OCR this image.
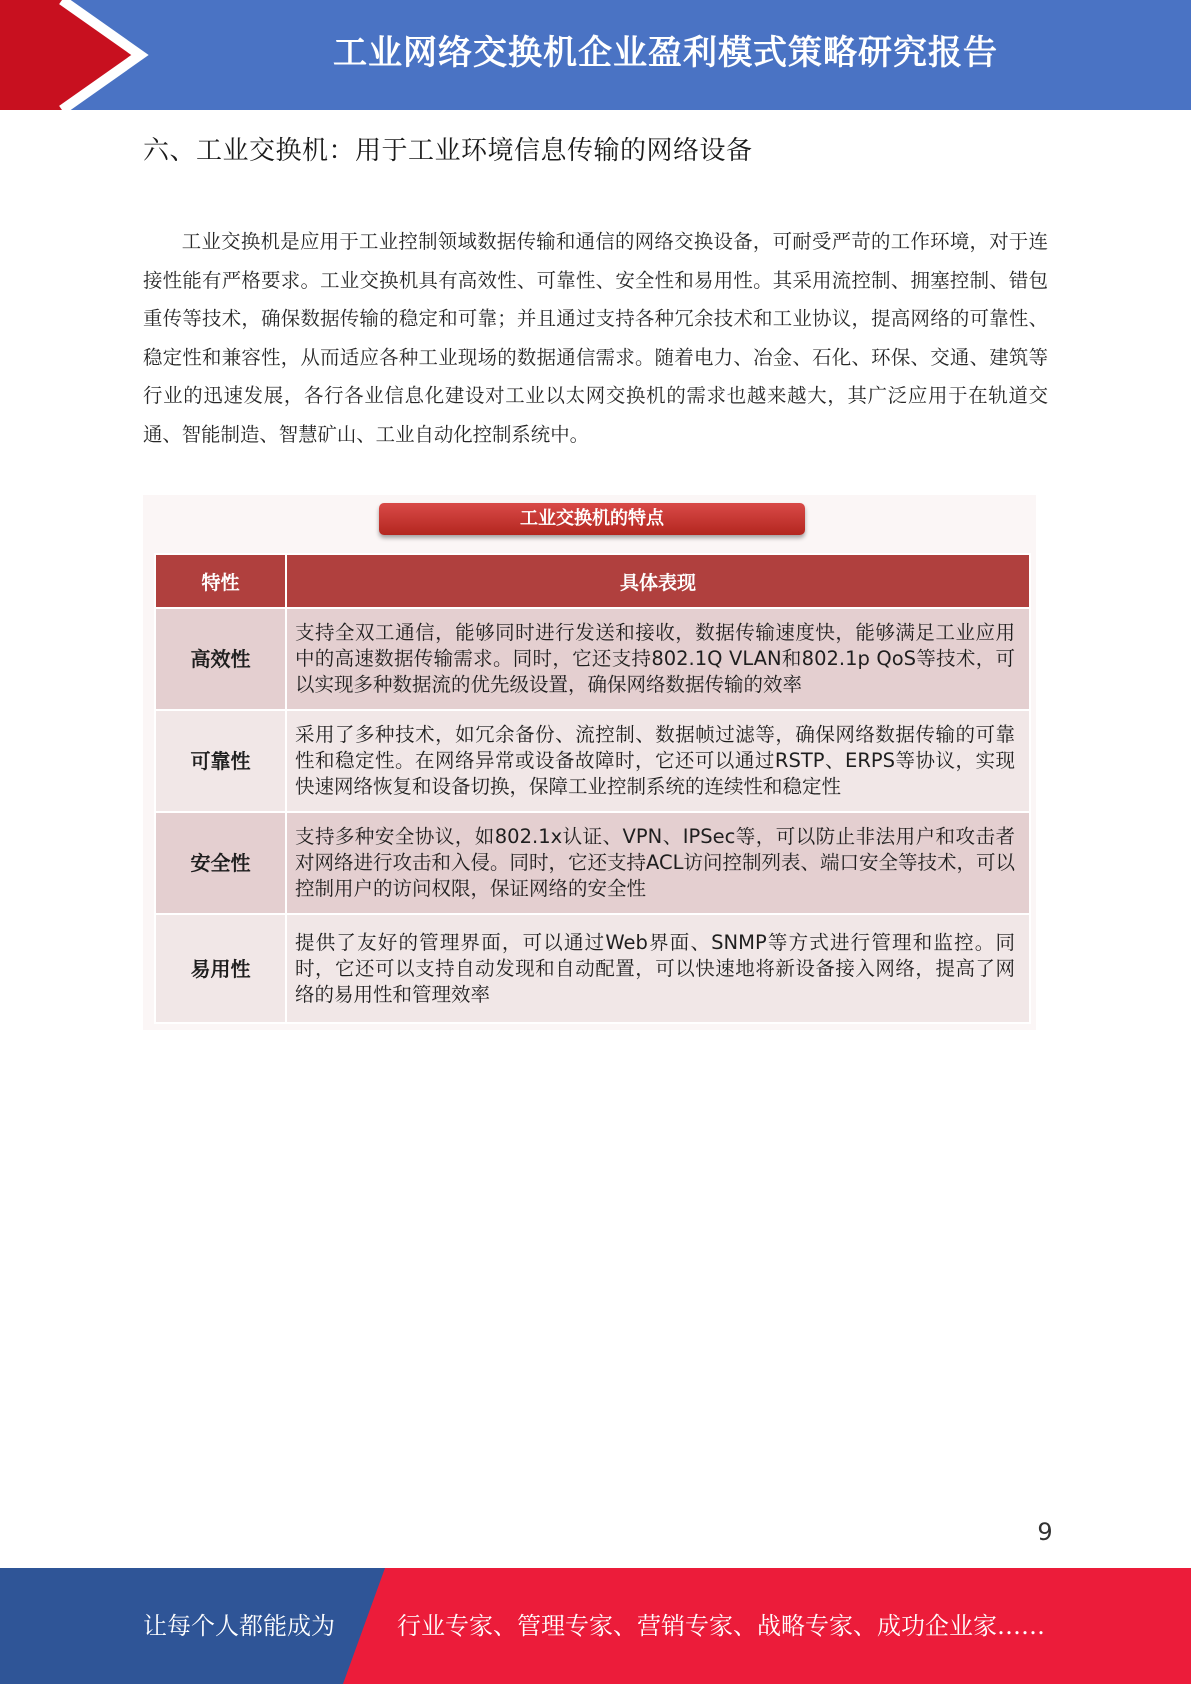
工业网络交换机企业盈利模式策略研究报告
六、工业交换机：用于工业环境信息传输的网络设备

工业交换机是应用于工业控制领域数据传输和通信的网络交换设备，可耐受严苛的工作环境，对于连接性能有严格要求。工业交换机具有高效性、可靠性、安全性和易用性。其采用流控制、拥塞控制、错包重传等技术，确保数据传输的稳定和可靠；并且通过支持各种冗余技术和工业协议，提高网络的可靠性、稳定性和兼容性，从而适应各种工业现场的数据通信需求。随着电力、冶金、石化、环保、交通、建筑等行业的迅速发展，各行各业信息化建设对工业以太网交换机的需求也越来越大，其广泛应用于在轨道交通、智能制造、智慧矿山、工业自动化控制系统中。

工业交换机的特点
特性	具体表现
高效性	支持全双工通信，能够同时进行发送和接收，数据传输速度快，能够满足工业应用中的高速数据传输需求。同时，它还支持802.1Q VLAN和802.1p QoS等技术，可以实现多种数据流的优先级设置，确保网络数据传输的效率
可靠性	采用了多种技术，如冗余备份、流控制、数据帧过滤等，确保网络数据传输的可靠性和稳定性。在网络异常或设备故障时，它还可以通过RSTP、ERPS等协议，实现快速网络恢复和设备切换，保障工业控制系统的连续性和稳定性
安全性	支持多种安全协议，如802.1x认证、VPN、IPSec等，可以防止非法用户和攻击者对网络进行攻击和入侵。同时，它还支持ACL访问控制列表、端口安全等技术，可以控制用户的访问权限，保证网络的安全性
易用性	提供了友好的管理界面，可以通过Web界面、SNMP等方式进行管理和监控。同时，它还可以支持自动发现和自动配置，可以快速地将新设备接入网络，提高了网络的易用性和管理效率
9
让每个人都能成为	行业专家、管理专家、营销专家、战略专家、成功企业家……
